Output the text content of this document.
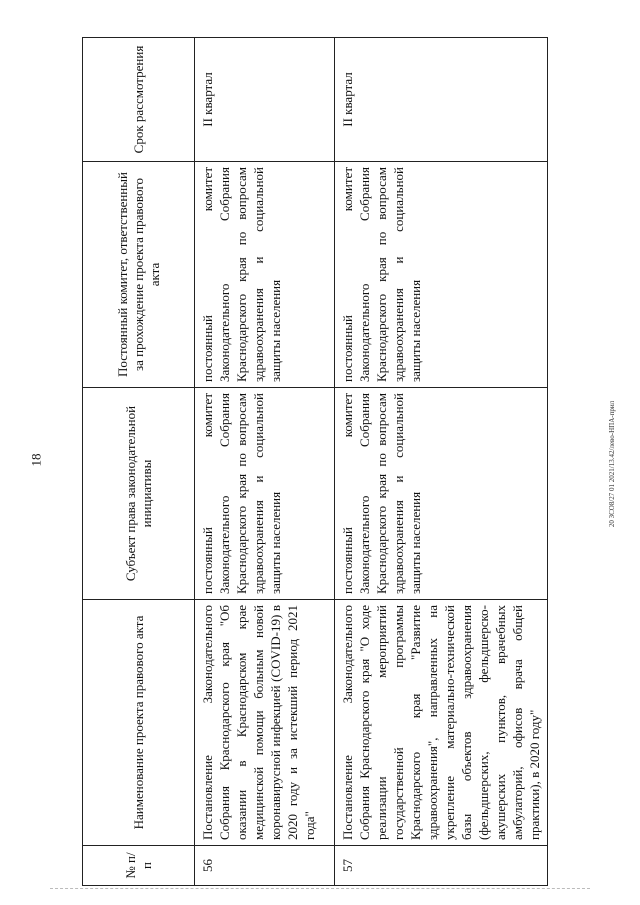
18	20 ЗСО8/27 01 2021/13.42/лево-НПА-прил
№ п/п	Наименование проекта правового акта	Субъект права законодательной инициативы	Постоянный комитет, ответственный за прохождение проекта правового акта	Срок рассмотрения
56	Постановление Законодательного Собрания Краснодарского края "Об оказании в Краснодарском крае медицинской помощи больным новой коронавирусной инфекцией (COVID-19) в 2020 году и за истекший период 2021 года"	постоянный комитет Законодательного Собрания Краснодарского края по вопросам здравоохранения и социальной защиты населения	постоянный комитет Законодательного Собрания Краснодарского края по вопросам здравоохранения и социальной защиты населения	II квартал
57	Постановление Законодательного Собрания Краснодарского края "О ходе реализации мероприятий государственной программы Краснодарского края "Развитие здравоохранения", направленных на укрепление материально-технической базы объектов здравоохранения (фельдшерских, фельдшерско-акушерских пунктов, врачебных амбулаторий, офисов врача общей практики), в 2020 году"	постоянный комитет Законодательного Собрания Краснодарского края по вопросам здравоохранения и социальной защиты населения	постоянный комитет Законодательного Собрания Краснодарского края по вопросам здравоохранения и социальной защиты населения	II квартал
